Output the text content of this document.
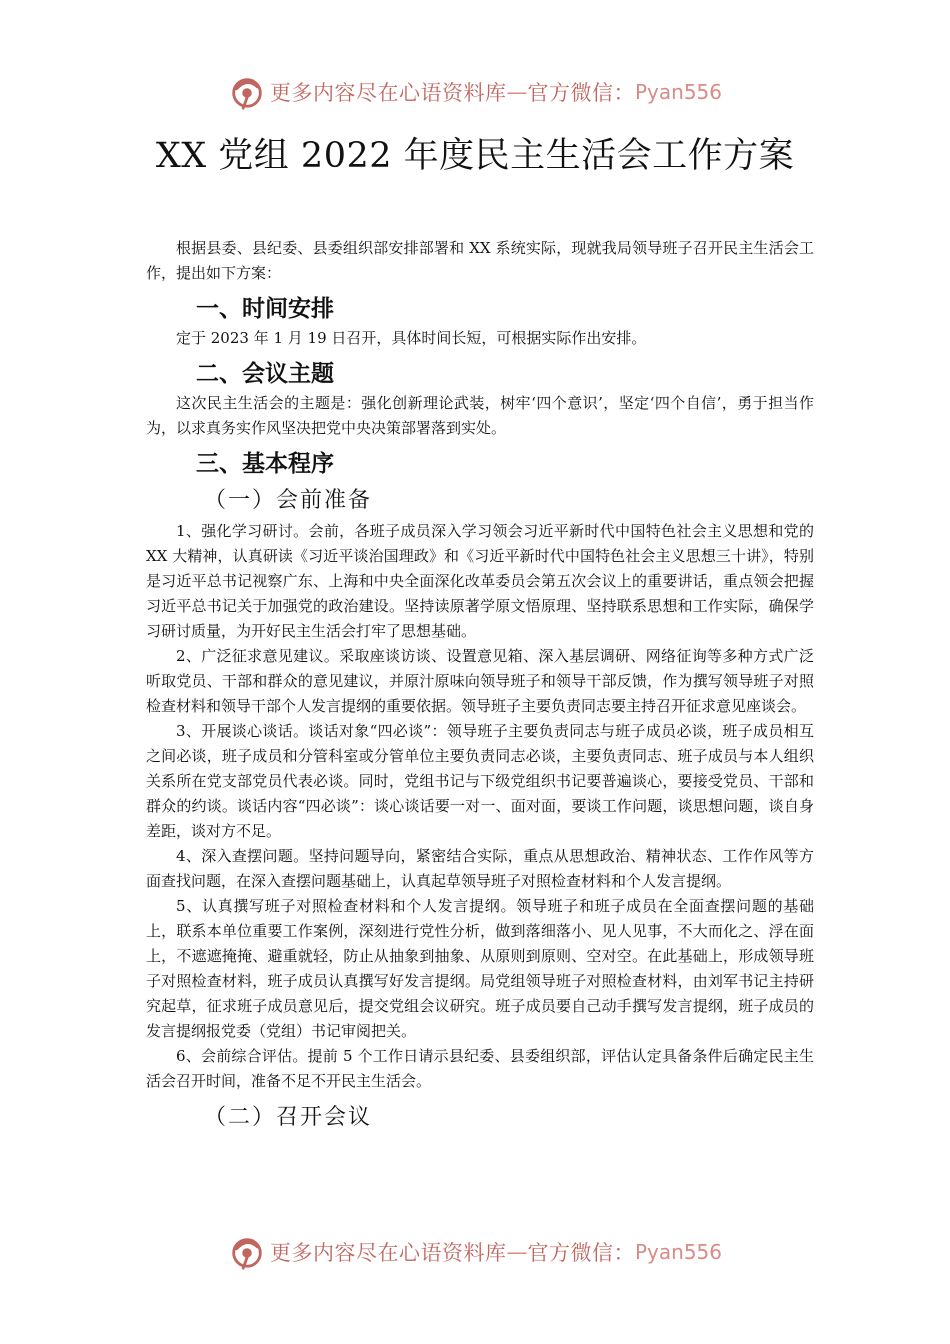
更多内容尽在心语资料库 — 官方微信： Pyan556
XX 党组 2022 年度民主生活会工作方案

根据县委、县纪委、县委组织部安排部署和 XX 系统实际，现就我局领导班子召开民主生活会工作，提出如下方案：

一、时间安排

定于 2023 年 1 月 19 日召开，具体时间长短，可根据实际作出安排。

二、会议主题

这次民主生活会的主题是：强化创新理论武装，树牢‘四个意识’，坚定‘四个自信’，勇于担当作为，以求真务实作风坚决把党中央决策部署落到实处。

三、基本程序
（一）会前准备

1、强化学习研讨。会前，各班子成员深入学习领会习近平新时代中国特色社会主义思想和党的 XX 大精神，认真研读《习近平谈治国理政》和《习近平新时代中国特色社会主义思想三十讲》，特别是习近平总书记视察广东、上海和中央全面深化改革委员会第五次会议上的重要讲话，重点领会把握习近平总书记关于加强党的政治建设。坚持读原著学原文悟原理、坚持联系思想和工作实际，确保学习研讨质量，为开好民主生活会打牢了思想基础。

2、广泛征求意见建议。采取座谈访谈、设置意见箱、深入基层调研、网络征询等多种方式广泛听取党员、干部和群众的意见建议，并原汁原味向领导班子和领导干部反馈，作为撰写领导班子对照检查材料和领导干部个人发言提纲的重要依据。领导班子主要负责同志要主持召开征求意见座谈会。

3、开展谈心谈话。谈话对象“四必谈”：领导班子主要负责同志与班子成员必谈，班子成员相互之间必谈，班子成员和分管科室或分管单位主要负责同志必谈，主要负责同志、班子成员与本人组织关系所在党支部党员代表必谈。同时，党组书记与下级党组织书记要普遍谈心，要接受党员、干部和群众的约谈。谈话内容“四必谈”：谈心谈话要一对一、面对面，要谈工作问题，谈思想问题，谈自身差距，谈对方不足。

4、深入查摆问题。坚持问题导向，紧密结合实际，重点从思想政治、精神状态、工作作风等方面查找问题，在深入查摆问题基础上，认真起草领导班子对照检查材料和个人发言提纲。

5、认真撰写班子对照检查材料和个人发言提纲。领导班子和班子成员在全面查摆问题的基础上，联系本单位重要工作案例，深刻进行党性分析，做到落细落小、见人见事，不大而化之、浮在面上，不遮遮掩掩、避重就轻，防止从抽象到抽象、从原则到原则、空对空。在此基础上，形成领导班子对照检查材料，班子成员认真撰写好发言提纲。局党组领导班子对照检查材料，由刘军书记主持研究起草，征求班子成员意见后，提交党组会议研究。班子成员要自己动手撰写发言提纲，班子成员的发言提纲报党委（党组）书记审阅把关。

6、会前综合评估。提前 5 个工作日请示县纪委、县委组织部，评估认定具备条件后确定民主生活会召开时间，准备不足不开民主生活会。

（二）召开会议
更多内容尽在心语资料库 — 官方微信： Pyan556
